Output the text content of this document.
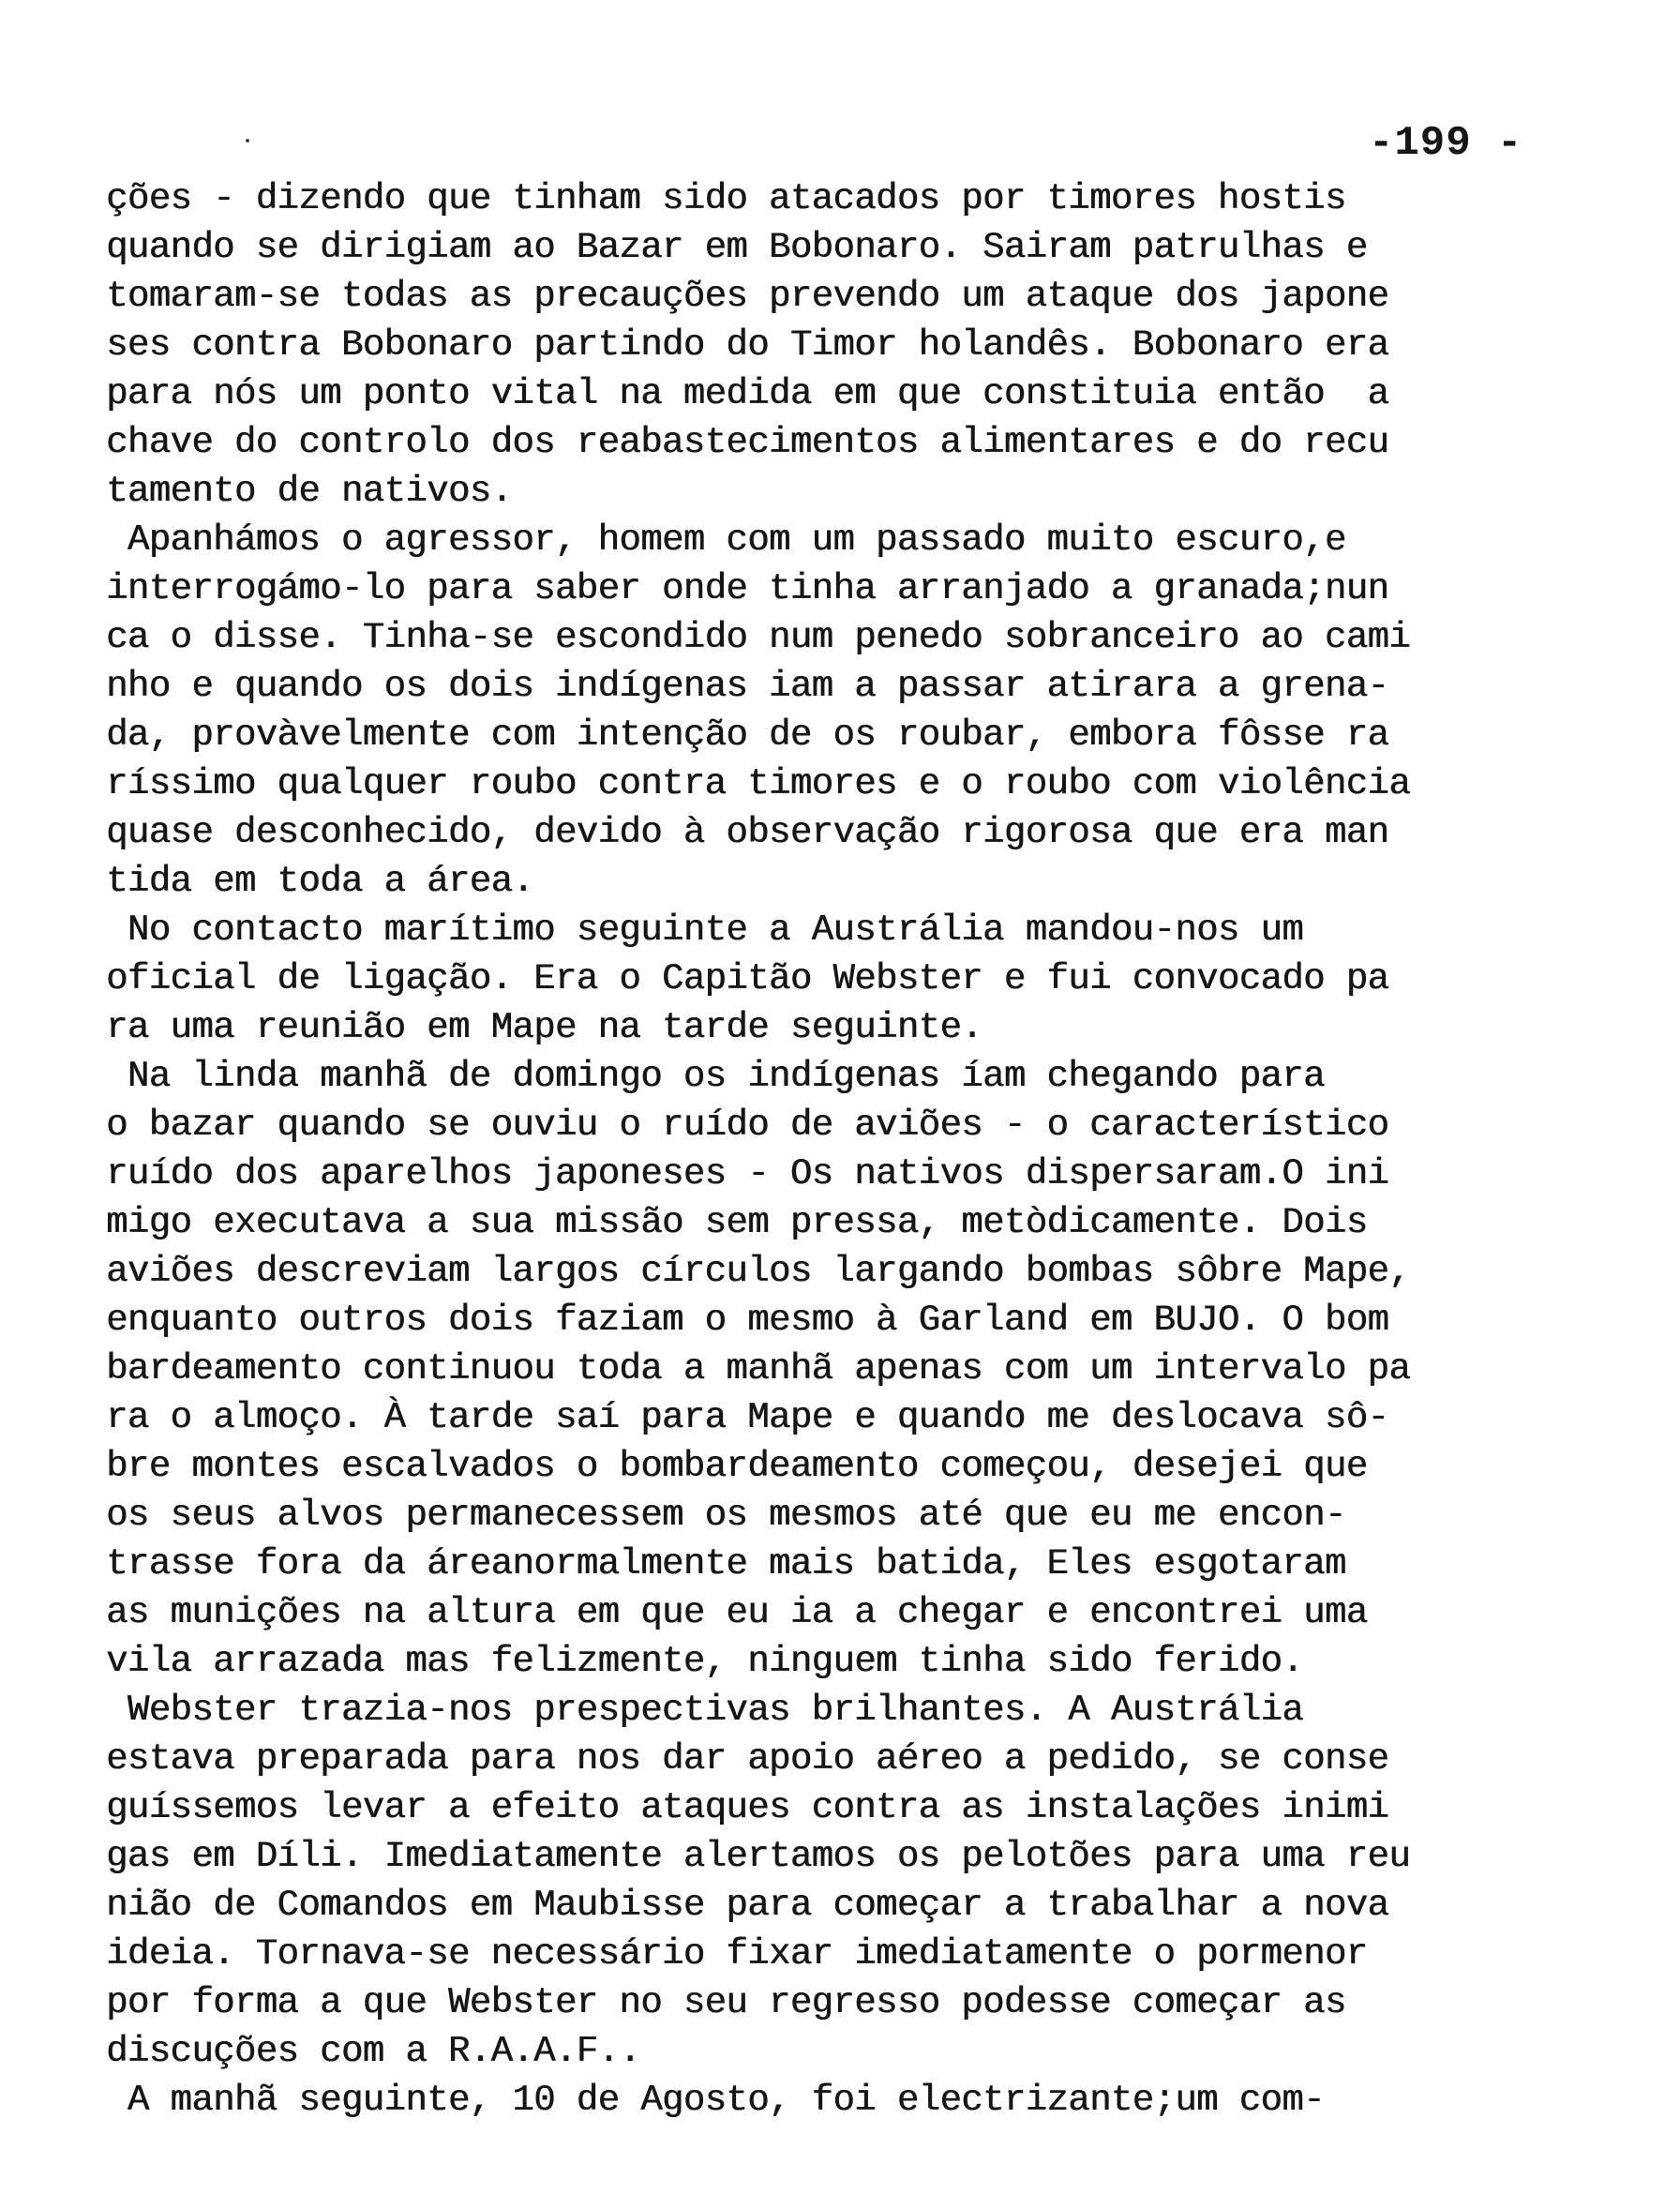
-199 -
ções - dizendo que tinham sido atacados por timores hostis
quando se dirigiam ao Bazar em Bobonaro. Sairam patrulhas e
tomaram-se todas as precauções prevendo um ataque dos japone
ses contra Bobonaro partindo do Timor holandês. Bobonaro era
para nós um ponto vital na medida em que constituia então  a
chave do controlo dos reabastecimentos alimentares e do recu
tamento de nativos.
Apanhámos o agressor, homem com um passado muito escuro,e
interrogámo-lo para saber onde tinha arranjado a granada;nun
ca o disse. Tinha-se escondido num penedo sobranceiro ao cami
nho e quando os dois indígenas iam a passar atirara a grena-
da, provàvelmente com intenção de os roubar, embora fôsse ra
ríssimo qualquer roubo contra timores e o roubo com violência
quase desconhecido, devido à observação rigorosa que era man
tida em toda a área.
No contacto marítimo seguinte a Austrália mandou-nos um
oficial de ligação. Era o Capitão Webster e fui convocado pa
ra uma reunião em Mape na tarde seguinte.
Na linda manhã de domingo os indígenas íam chegando para
o bazar quando se ouviu o ruído de aviões - o característico
ruído dos aparelhos japoneses - Os nativos dispersaram.O ini
migo executava a sua missão sem pressa, metòdicamente. Dois
aviões descreviam largos círculos largando bombas sôbre Mape,
enquanto outros dois faziam o mesmo à Garland em BUJO. O bom
bardeamento continuou toda a manhã apenas com um intervalo pa
ra o almoço. À tarde saí para Mape e quando me deslocava sô-
bre montes escalvados o bombardeamento começou, desejei que
os seus alvos permanecessem os mesmos até que eu me encon-
trasse fora da áreanormalmente mais batida, Eles esgotaram
as munições na altura em que eu ia a chegar e encontrei uma
vila arrazada mas felizmente, ninguem tinha sido ferido.
Webster trazia-nos prespectivas brilhantes. A Austrália
estava preparada para nos dar apoio aéreo a pedido, se conse
guíssemos levar a efeito ataques contra as instalações inimi
gas em Díli. Imediatamente alertamos os pelotões para uma reu
nião de Comandos em Maubisse para começar a trabalhar a nova
ideia. Tornava-se necessário fixar imediatamente o pormenor
por forma a que Webster no seu regresso podesse começar as
discuções com a R.A.A.F..
A manhã seguinte, 10 de Agosto, foi electrizante;um com-
